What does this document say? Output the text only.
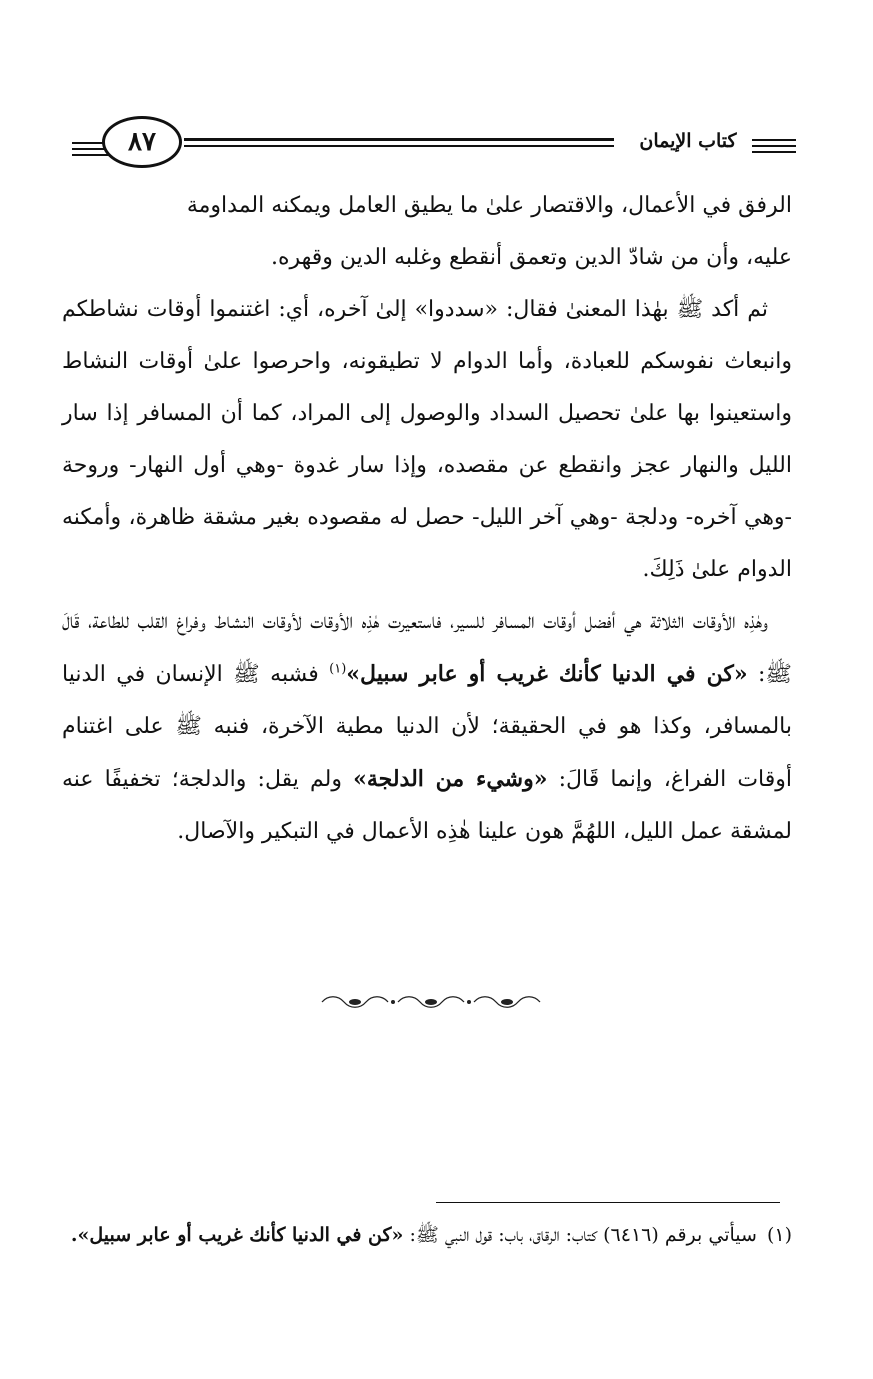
٨٧	كتاب الإيمان

الرفق في الأعمال، والاقتصار علىٰ ما يطيق العامل ويمكنه المداومة

عليه، وأن من شادّ الدين وتعمق أنقطع وغلبه الدين وقهره.

ثم أكد ﷺ بهٰذا المعنىٰ فقال: «سددوا» إلىٰ آخره، أي: اغتنموا أوقات نشاطكم وانبعاث نفوسكم للعبادة، وأما الدوام لا تطيقونه، واحرصوا علىٰ أوقات النشاط واستعينوا بها علىٰ تحصيل السداد والوصول إلى المراد، كما أن المسافر إذا سار الليل والنهار عجز وانقطع عن مقصده، وإذا سار غدوة -وهي أول النهار- وروحة -وهي آخره- ودلجة -وهي آخر الليل- حصل له مقصوده بغير مشقة ظاهرة، وأمكنه الدوام علىٰ ذَلِكَ.

وهٰذِه الأوقات الثلاثة هي أفضل أوقات المسافر للسير، فاستعيرت هٰذِه الأوقات لأوقات النشاط وفراغ القلب للطاعة، قَالَ ﷺ: «كن في الدنيا كأنك غريب أو عابر سبيل»$^{(١)}$ فشبه ﷺ الإنسان في الدنيا بالمسافر، وكذا هو في الحقيقة؛ لأن الدنيا مطية الآخرة، فنبه ﷺ على اغتنام أوقات الفراغ، وإنما قَالَ: «وشيء من الدلجة» ولم يقل: والدلجة؛ تخفيفًا عنه لمشقة عمل الليل، اللهُمَّ هون علينا هٰذِه الأعمال في التبكير والآصال.

(١)سيأتي برقم (٦٤١٦) كتاب: الرقاق، باب: قول النبي ﷺ: «كن في الدنيا كأنك غريب أو عابر سبيل».
